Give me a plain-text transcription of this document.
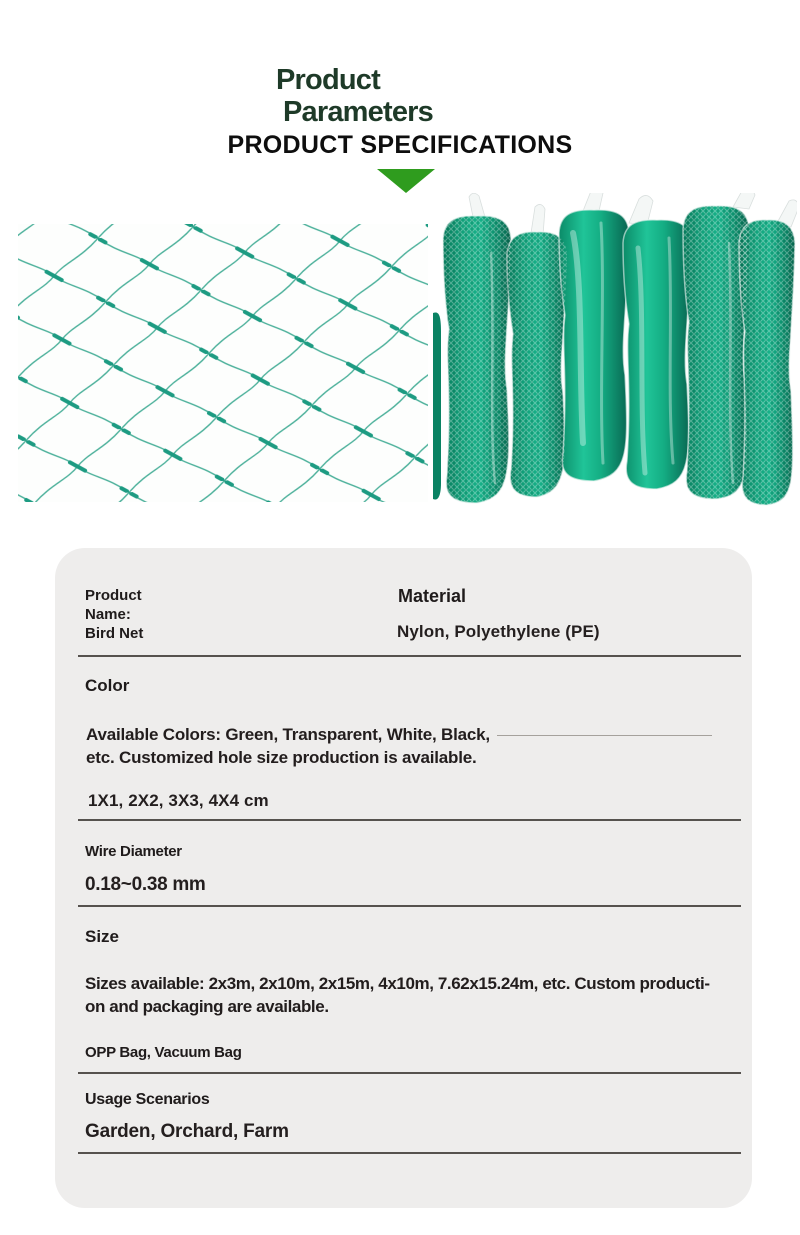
Product
Parameters
PRODUCT SPECIFICATIONS
Product Name:
Bird Net
Material
Nylon, Polyethylene (PE)
Color
Available Colors: Green, Transparent, White, Black,
etc. Customized hole size production is available.
1X1, 2X2, 3X3, 4X4 cm
Wire Diameter
0.18~0.38 mm
Size
Sizes available: 2x3m, 2x10m, 2x15m, 4x10m, 7.62x15.24m, etc. Custom producti-
on and packaging are available.
OPP Bag, Vacuum Bag
Usage Scenarios
Garden, Orchard, Farm
